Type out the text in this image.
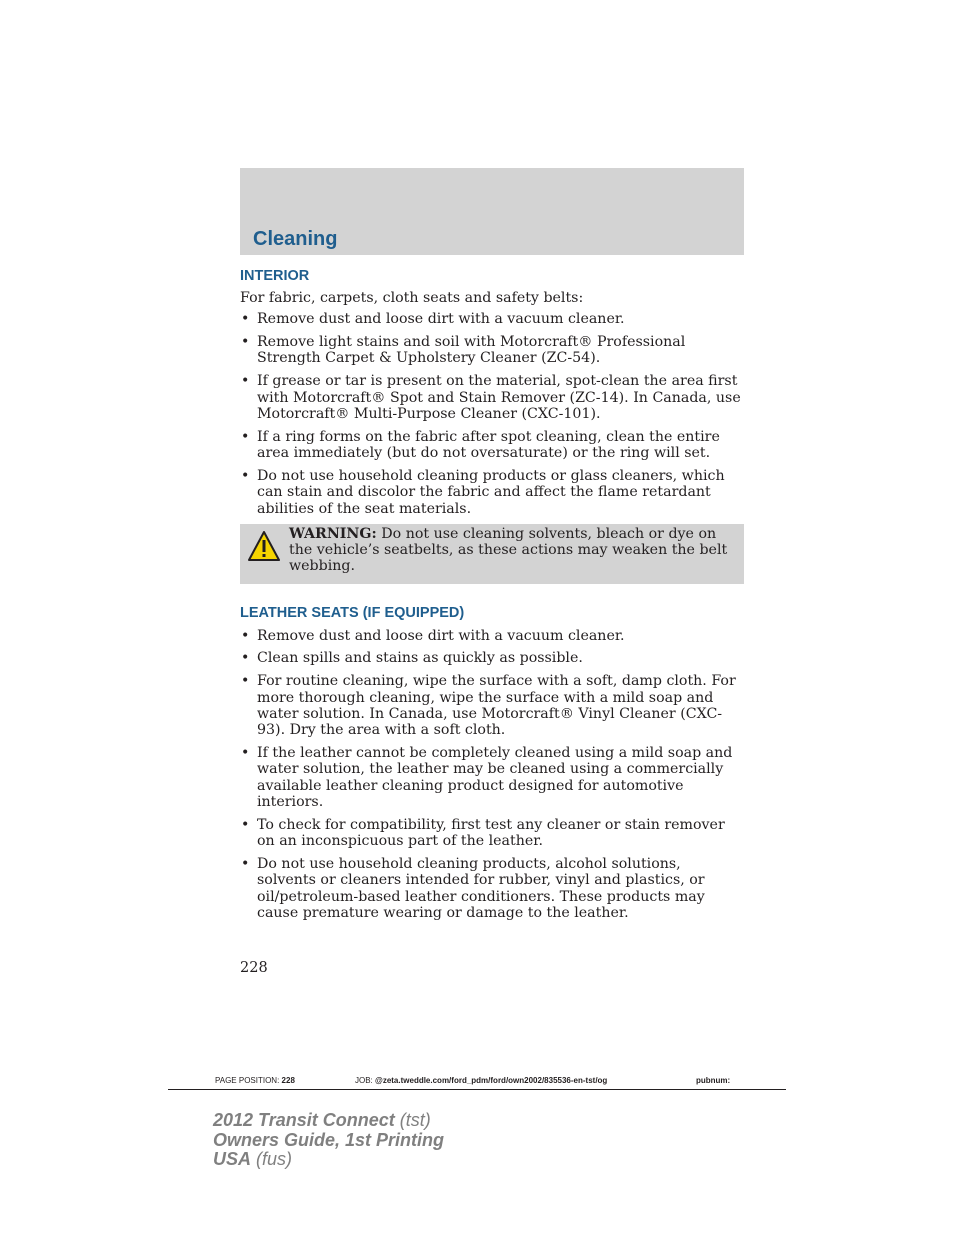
Cleaning
INTERIOR

For fabric, carpets, cloth seats and safety belts:

• Remove dust and loose dirt with a vacuum cleaner.
• Remove light stains and soil with Motorcraft® Professional Strength Carpet & Upholstery Cleaner (ZC-54).
• If grease or tar is present on the material, spot-clean the area first with Motorcraft® Spot and Stain Remover (ZC-14). In Canada, use Motorcraft® Multi-Purpose Cleaner (CXC-101).
• If a ring forms on the fabric after spot cleaning, clean the entire area immediately (but do not oversaturate) or the ring will set.
• Do not use household cleaning products or glass cleaners, which can stain and discolor the fabric and affect the flame retardant abilities of the seat materials.
WARNING: Do not use cleaning solvents, bleach or dye on the vehicle’s seatbelts, as these actions may weaken the belt webbing.
LEATHER SEATS (IF EQUIPPED)
• Remove dust and loose dirt with a vacuum cleaner.
• Clean spills and stains as quickly as possible.
• For routine cleaning, wipe the surface with a soft, damp cloth. For more thorough cleaning, wipe the surface with a mild soap and water solution. In Canada, use Motorcraft® Vinyl Cleaner (CXC-93). Dry the area with a soft cloth.
• If the leather cannot be completely cleaned using a mild soap and water solution, the leather may be cleaned using a commercially available leather cleaning product designed for automotive interiors.
• To check for compatibility, first test any cleaner or stain remover on an inconspicuous part of the leather.
• Do not use household cleaning products, alcohol solutions, solvents or cleaners intended for rubber, vinyl and plastics, or oil/petroleum-based leather conditioners. These products may cause premature wearing or damage to the leather.
228
PAGE POSITION: 228	JOB: @zeta.tweddle.com/ford_pdm/ford/own2002/835536-en-tst/og	pubnum:
2012 Transit Connect (tst)
Owners Guide, 1st Printing
USA (fus)
